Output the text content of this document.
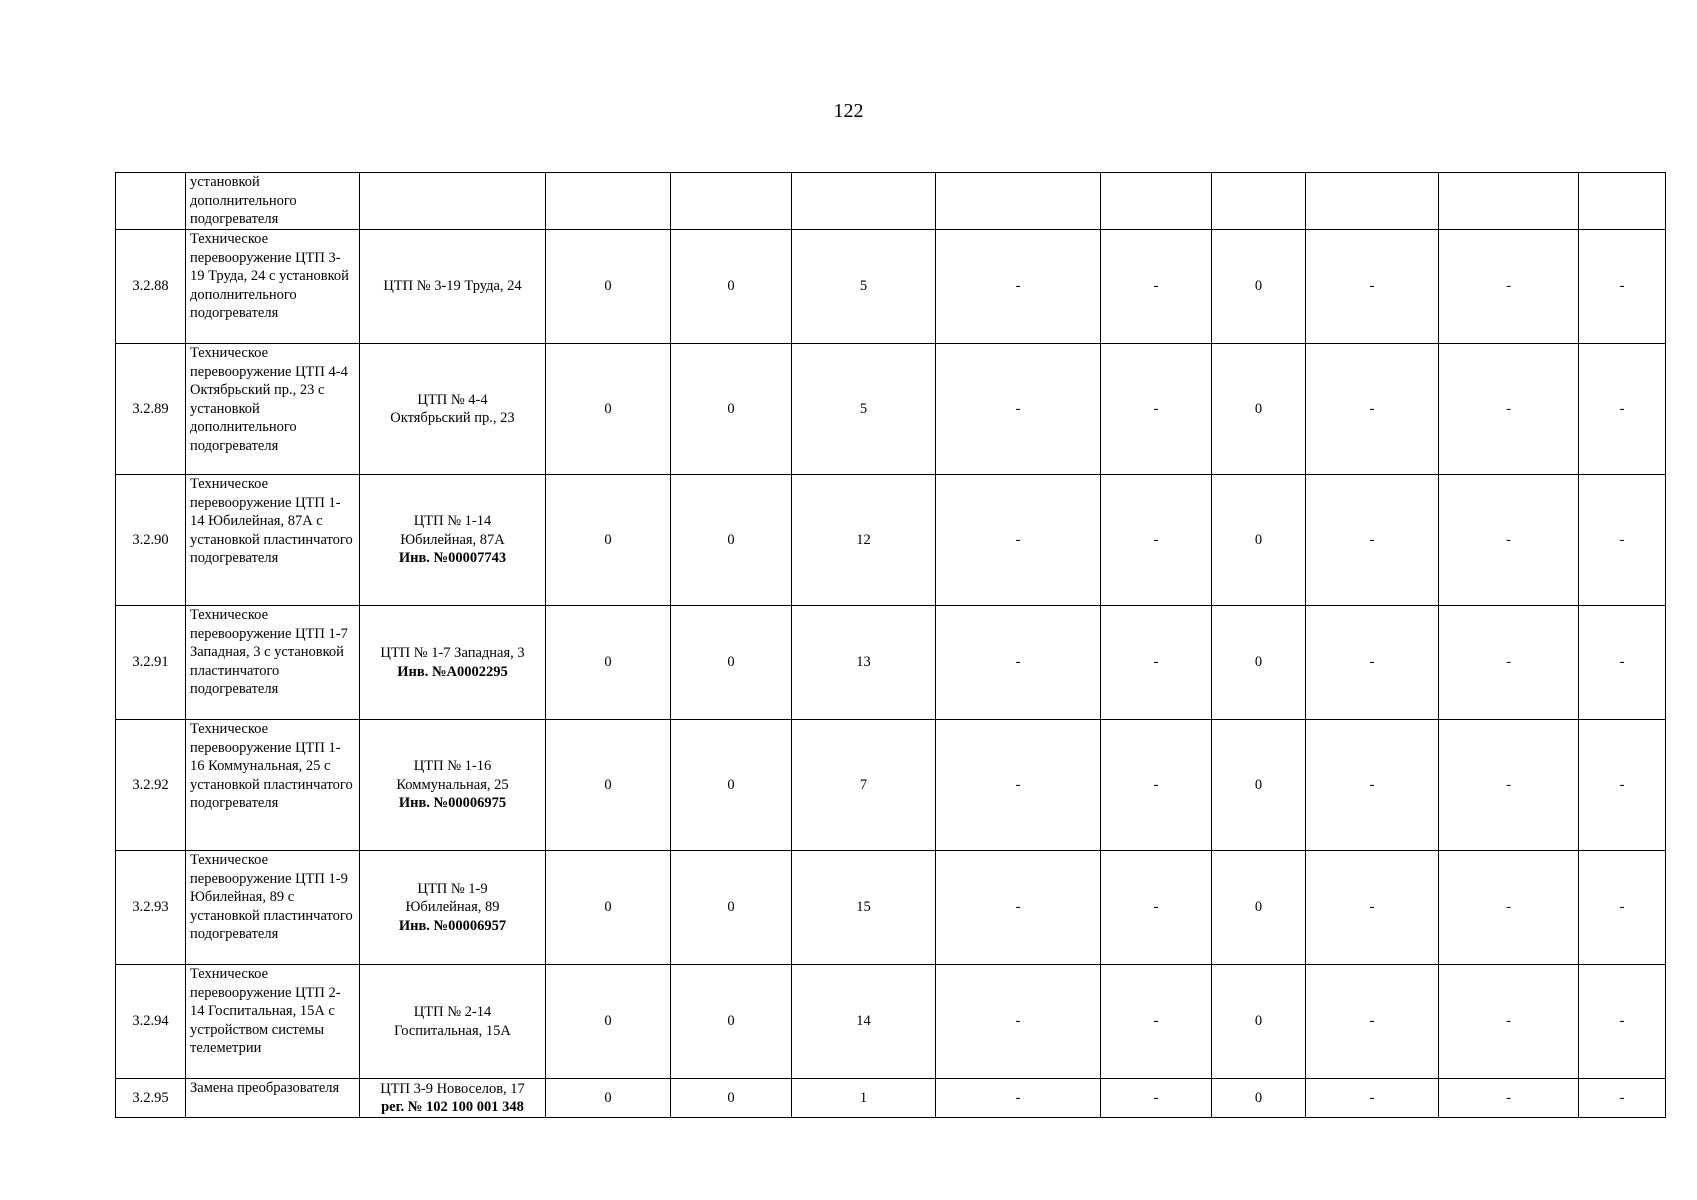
122
	установкой дополнительного подогревателя										
3.2.88	Техническое перевооружение ЦТП 3-19 Труда, 24 с установкой дополнительного подогревателя	ЦТП № 3-19 Труда, 24	0	0	5	-	-	0	-	-	-
3.2.89	Техническое перевооружение ЦТП 4-4 Октябрьский пр., 23 с установкой дополнительного подогревателя	ЦТП № 4-4
Октябрьский пр., 23	0	0	5	-	-	0	-	-	-
3.2.90	Техническое перевооружение ЦТП 1-14 Юбилейная, 87А с установкой пластинчатого подогревателя	ЦТП № 1-14
Юбилейная, 87А
Инв. №00007743	0	0	12	-	-	0	-	-	-
3.2.91	Техническое перевооружение ЦТП 1-7 Западная, 3 с установкой пластинчатого подогревателя	ЦТП № 1-7 Западная, 3
Инв. №А0002295	0	0	13	-	-	0	-	-	-
3.2.92	Техническое перевооружение ЦТП 1-16 Коммунальная, 25 с установкой пластинчатого подогревателя	ЦТП № 1-16
Коммунальная, 25
Инв. №00006975	0	0	7	-	-	0	-	-	-
3.2.93	Техническое перевооружение ЦТП 1-9 Юбилейная, 89 с установкой пластинчатого подогревателя	ЦТП № 1-9
Юбилейная, 89
Инв. №00006957	0	0	15	-	-	0	-	-	-
3.2.94	Техническое перевооружение ЦТП 2-14 Госпитальная, 15А с устройством системы телеметрии	ЦТП № 2-14
Госпитальная, 15А	0	0	14	-	-	0	-	-	-
3.2.95	Замена преобразователя	ЦТП 3-9 Новоселов, 17
рег. № 102 100 001 348	0	0	1	-	-	0	-	-	-
